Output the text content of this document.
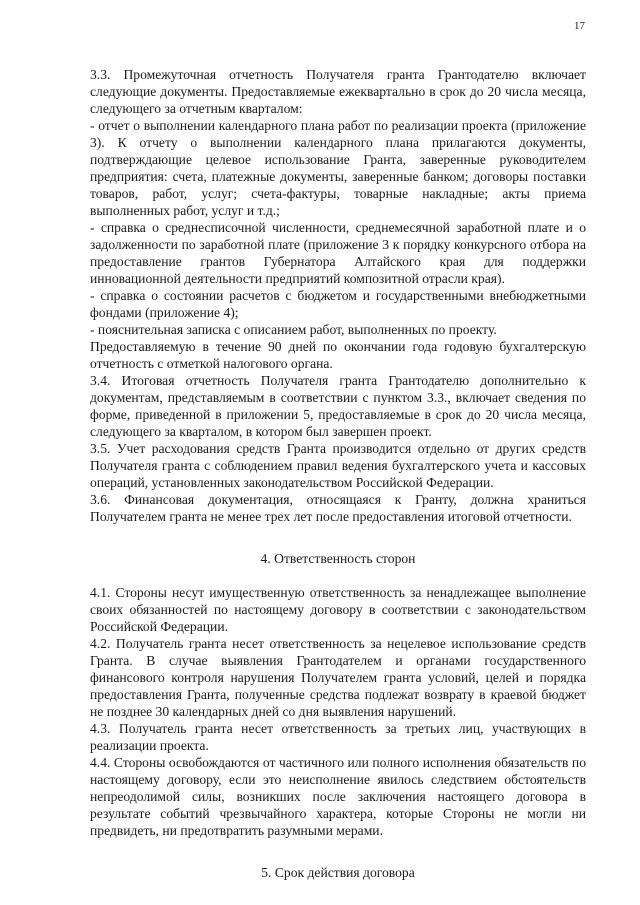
17

3.3. Промежуточная отчетность Получателя гранта Грантодателю включает следующие документы. Предоставляемые ежеквартально в срок до 20 числа месяца, следующего за отчетным кварталом:

- отчет о выполнении календарного плана работ по реализации проекта (приложение 3). К отчету о выполнении календарного плана прилагаются документы, подтверждающие целевое использование Гранта, заверенные руководителем предприятия: счета, платежные документы, заверенные банком; договоры поставки товаров, работ, услуг; счета-фактуры, товарные накладные; акты приема выполненных работ, услуг и т.д.;

- справка о среднесписочной численности, среднемесячной заработной плате и о задолженности по заработной плате (приложение 3 к порядку конкурсного отбора на предоставление грантов Губернатора Алтайского края для поддержки инновационной деятельности предприятий композитной отрасли края).

- справка о состоянии расчетов с бюджетом и государственными внебюджетными фондами (приложение 4);

- пояснительная записка с описанием работ, выполненных по проекту.

Предоставляемую в течение 90 дней по окончании года годовую бухгалтерскую отчетность с отметкой налогового органа.

3.4. Итоговая отчетность Получателя гранта Грантодателю дополнительно к документам, представляемым в соответствии с пунктом 3.3., включает сведения по форме, приведенной в приложении 5, предоставляемые в срок до 20 числа месяца, следующего за кварталом, в котором был завершен проект.

3.5. Учет расходования средств Гранта производится отдельно от других средств Получателя гранта с соблюдением правил ведения бухгалтерского учета и кассовых операций, установленных законодательством Российской Федерации.

3.6. Финансовая документация, относящаяся к Гранту, должна храниться Получателем гранта не менее трех лет после предоставления итоговой отчетности.

4. Ответственность сторон

4.1. Стороны несут имущественную ответственность за ненадлежащее выполнение своих обязанностей по настоящему договору в соответствии с законодательством Российской Федерации.

4.2. Получатель гранта несет ответственность за нецелевое использование средств Гранта. В случае выявления Грантодателем и органами государственного финансового контроля нарушения Получателем гранта условий, целей и порядка предоставления Гранта, полученные средства подлежат возврату в краевой бюджет не позднее 30 календарных дней со дня выявления нарушений.

4.3. Получатель гранта несет ответственность за третьих лиц, участвующих в реализации проекта.

4.4. Стороны освобождаются от частичного или полного исполнения обязательств по настоящему договору, если это неисполнение явилось следствием обстоятельств непреодолимой силы, возникших после заключения настоящего договора в результате событий чрезвычайного характера, которые Стороны не могли ни предвидеть, ни предотвратить разумными мерами.

5. Срок действия договора
